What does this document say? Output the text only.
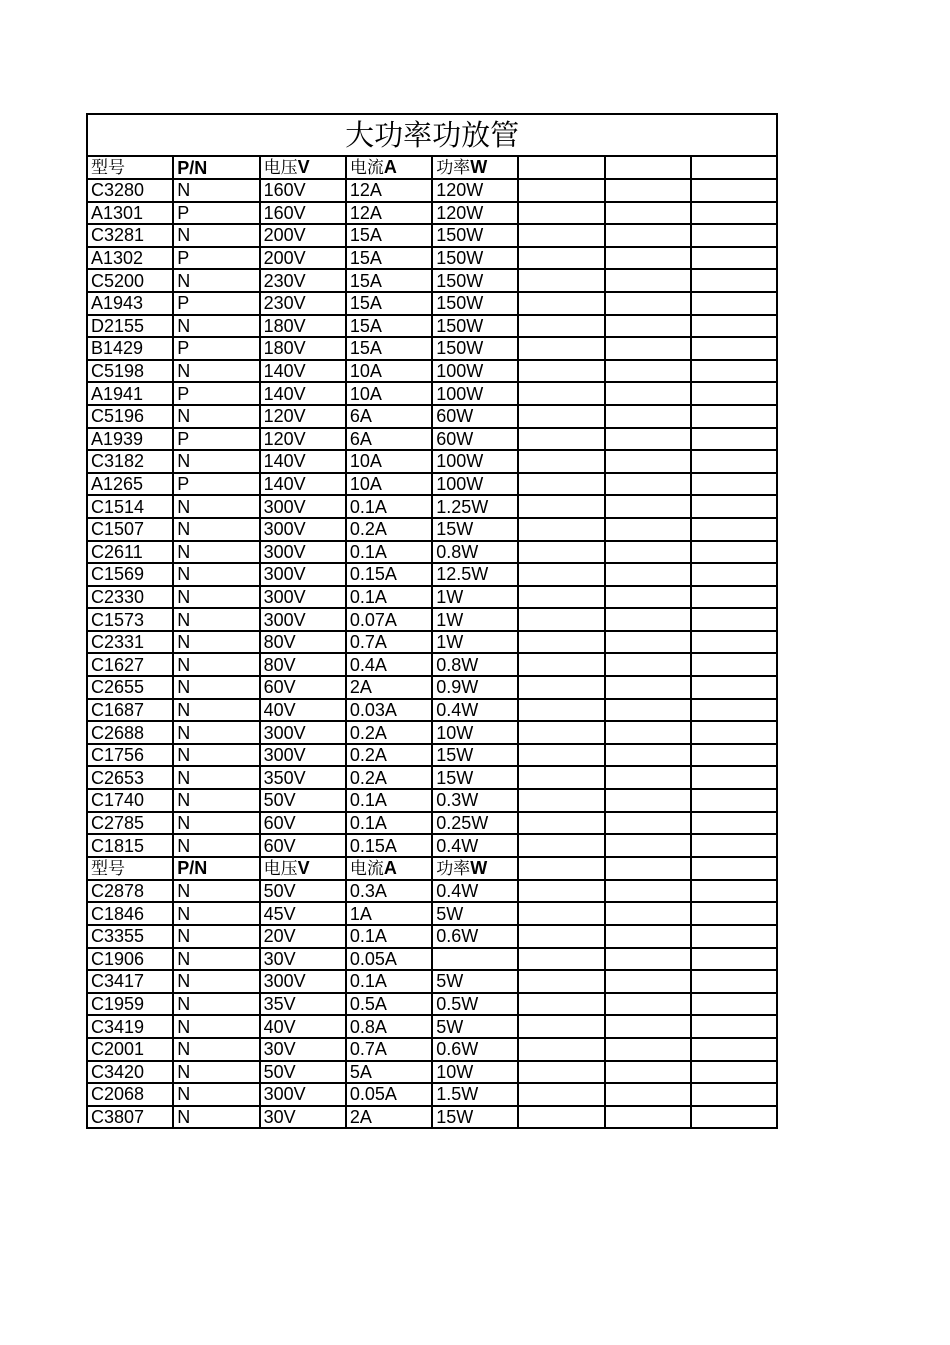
大功率功放管							
型号	P/N	电压V	电流A	功率W			
C3280	N	160V	12A	120W			
A1301	P	160V	12A	120W			
C3281	N	200V	15A	150W			
A1302	P	200V	15A	150W			
C5200	N	230V	15A	150W			
A1943	P	230V	15A	150W			
D2155	N	180V	15A	150W			
B1429	P	180V	15A	150W			
C5198	N	140V	10A	100W			
A1941	P	140V	10A	100W			
C5196	N	120V	6A	60W			
A1939	P	120V	6A	60W			
C3182	N	140V	10A	100W			
A1265	P	140V	10A	100W			
C1514	N	300V	0.1A	1.25W			
C1507	N	300V	0.2A	15W			
C2611	N	300V	0.1A	0.8W			
C1569	N	300V	0.15A	12.5W			
C2330	N	300V	0.1A	1W			
C1573	N	300V	0.07A	1W			
C2331	N	80V	0.7A	1W			
C1627	N	80V	0.4A	0.8W			
C2655	N	60V	2A	0.9W			
C1687	N	40V	0.03A	0.4W			
C2688	N	300V	0.2A	10W			
C1756	N	300V	0.2A	15W			
C2653	N	350V	0.2A	15W			
C1740	N	50V	0.1A	0.3W			
C2785	N	60V	0.1A	0.25W			
C1815	N	60V	0.15A	0.4W			
型号	P/N	电压V	电流A	功率W			
C2878	N	50V	0.3A	0.4W			
C1846	N	45V	1A	5W			
C3355	N	20V	0.1A	0.6W			
C1906	N	30V	0.05A				
C3417	N	300V	0.1A	5W			
C1959	N	35V	0.5A	0.5W			
C3419	N	40V	0.8A	5W			
C2001	N	30V	0.7A	0.6W			
C3420	N	50V	5A	10W			
C2068	N	300V	0.05A	1.5W			
C3807	N	30V	2A	15W			
